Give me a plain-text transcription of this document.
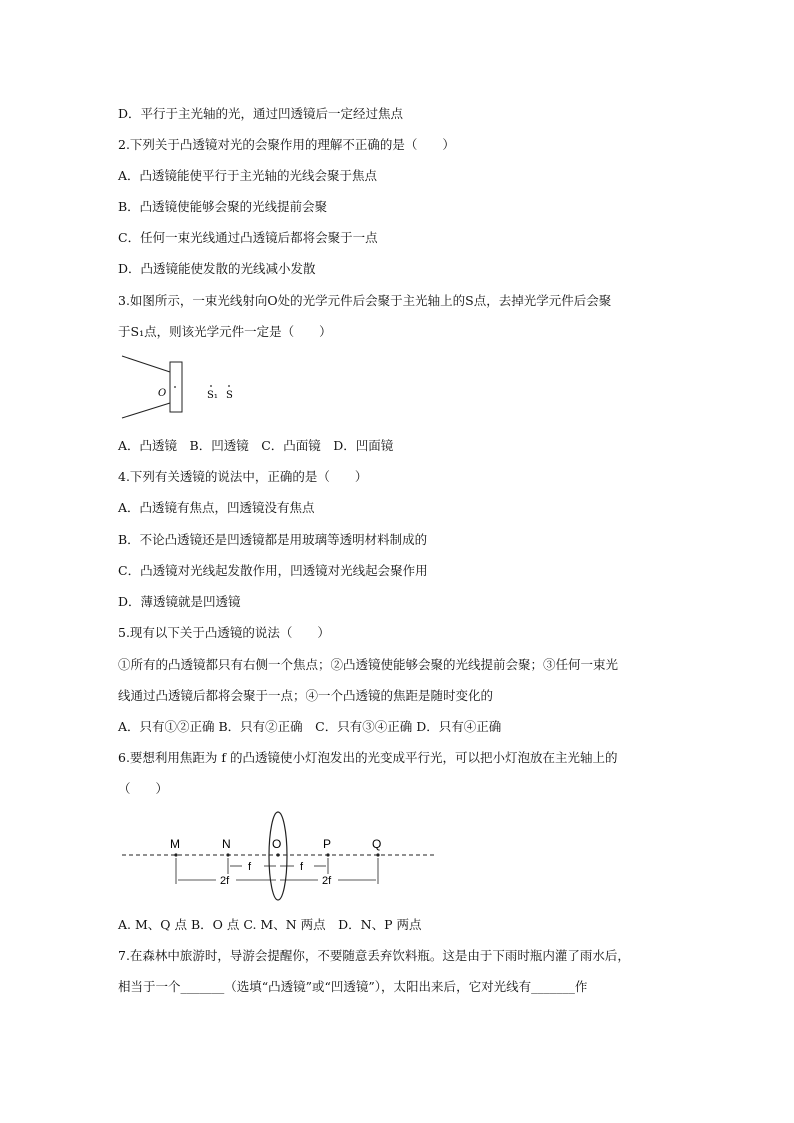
D．平行于主光轴的光，通过凹透镜后一定经过焦点
2.下列关于凸透镜对光的会聚作用的理解不正确的是（　　）
A．凸透镜能使平行于主光轴的光线会聚于焦点
B．凸透镜使能够会聚的光线提前会聚
C．任何一束光线通过凸透镜后都将会聚于一点
D．凸透镜能使发散的光线减小发散
3.如图所示，一束光线射向O处的光学元件后会聚于主光轴上的S点，去掉光学元件后会聚
于S₁点，则该光学元件一定是（　　）
O	S₁ S
A．凸透镜　B．凹透镜　C．凸面镜　D．凹面镜
4.下列有关透镜的说法中，正确的是（　　）
A．凸透镜有焦点，凹透镜没有焦点
B．不论凸透镜还是凹透镜都是用玻璃等透明材料制成的
C．凸透镜对光线起发散作用，凹透镜对光线起会聚作用
D．薄透镜就是凹透镜
5.现有以下关于凸透镜的说法（　　）
①所有的凸透镜都只有右侧一个焦点；②凸透镜使能够会聚的光线提前会聚；③任何一束光
线通过凸透镜后都将会聚于一点；④一个凸透镜的焦距是随时变化的
A．只有①②正确 B．只有②正确　C．只有③④正确 D．只有④正确
6.要想利用焦距为 f 的凸透镜使小灯泡发出的光变成平行光，可以把小灯泡放在主光轴上的
（　　）
M	N	O	P	Q
f	f
2f	2f
A. M、Q 点 B．O 点 C. M、N 两点　D．N、P 两点
7.在森林中旅游时，导游会提醒你，不要随意丢弃饮料瓶。这是由于下雨时瓶内灌了雨水后，
相当于一个_______（选填“凸透镜”或“凹透镜”），太阳出来后，它对光线有_______作
